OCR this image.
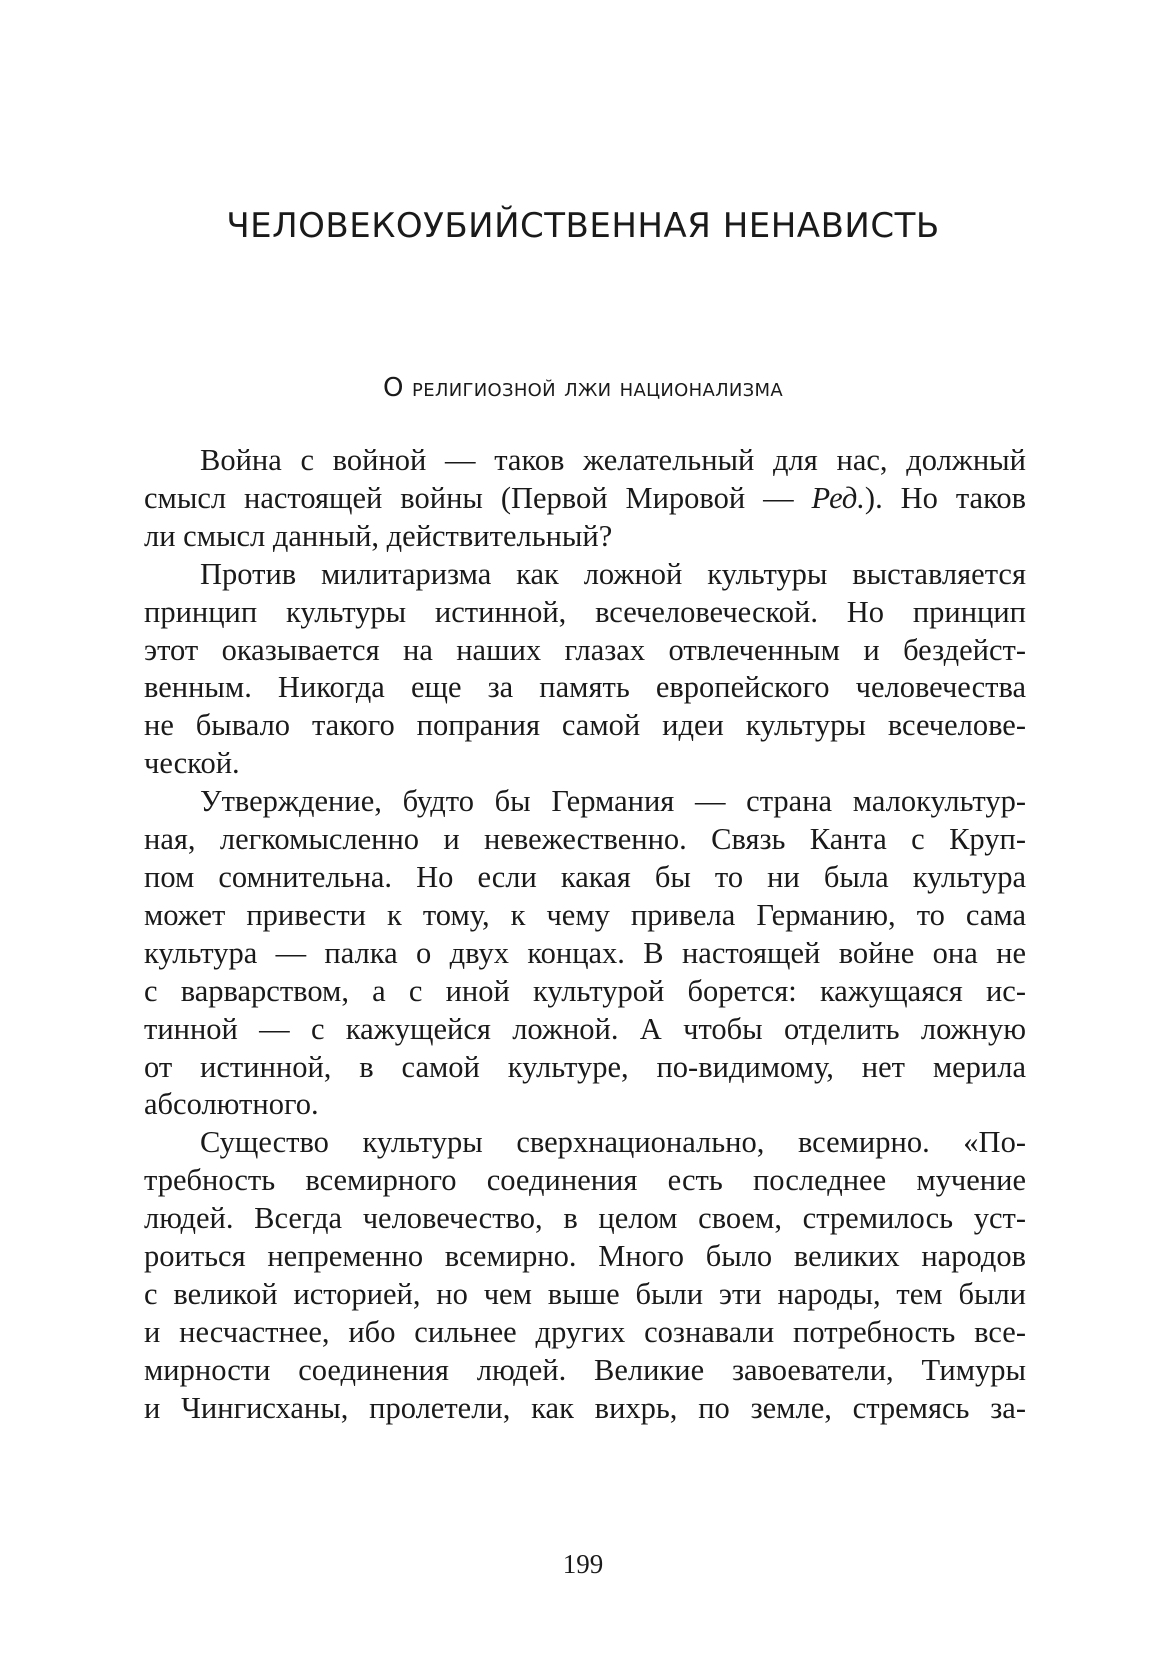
ЧЕЛОВЕКОУБИЙСТВЕННАЯ НЕНАВИСТЬ
О религиозной лжи национализма
Война с войной — таков желательный для нас, должный
смысл настоящей войны (Первой Мировой — Ред.). Но таков
ли смысл данный, действительный?
Против милитаризма как ложной культуры выставляется
принцип культуры истинной, всечеловеческой. Но принцип
этот оказывается на наших глазах отвлеченным и бездейст-
венным. Никогда еще за память европейского человечества
не бывало такого попрания самой идеи культуры всечелове-
ческой.
Утверждение, будто бы Германия — страна малокультур-
ная, легкомысленно и невежественно. Связь Канта с Круп-
пом сомнительна. Но если какая бы то ни была культура
может привести к тому, к чему привела Германию, то сама
культура — палка о двух концах. В настоящей войне она не
с варварством, а с иной культурой борется: кажущаяся ис-
тинной — с кажущейся ложной. А чтобы отделить ложную
от истинной, в самой культуре, по-видимому, нет мерила
абсолютного.
Существо культуры сверхнационально, всемирно. «По-
требность всемирного соединения есть последнее мучение
людей. Всегда человечество, в целом своем, стремилось уст-
роиться непременно всемирно. Много было великих народов
с великой историей, но чем выше были эти народы, тем были
и несчастнее, ибо сильнее других сознавали потребность все-
мирности соединения людей. Великие завоеватели, Тимуры
и Чингисханы, пролетели, как вихрь, по земле, стремясь за-
199
